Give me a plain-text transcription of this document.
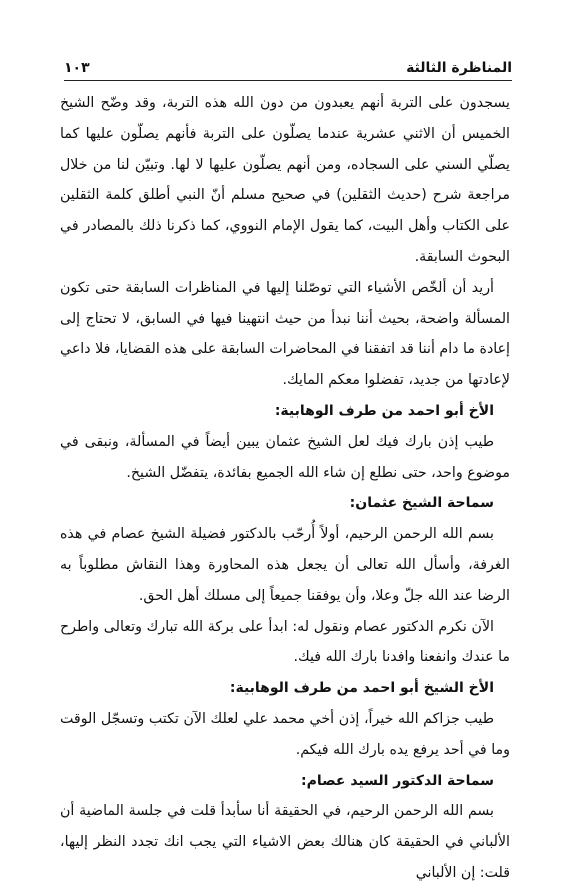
المناظرة الثالثة
١٠٣

يسجدون على التربة أنهم يعبدون من دون الله هذه التربة، وقد وضّح الشيخ الخميس أن الاثني عشرية عندما يصلّون على التربة فأنهم يصلّون عليها كما يصلّي السني على السجاده، ومن أنهم يصلّون عليها لا لها. وتبيّن لنا من خلال مراجعة شرح (حديث الثقلين) في صحيح مسلم أنّ النبي أطلق كلمة الثقلين على الكتاب وأهل البيت، كما يقول الإمام النووي، كما ذكرنا ذلك بالمصادر في البحوث السابقة.

أريد أن ألخّص الأشياء التي توصّلنا إليها في المناظرات السابقة حتى تكون المسألة واضحة، بحيث أننا نبدأ من حيث انتهينا فيها في السابق، لا تحتاج إلى إعادة ما دام أننا قد اتفقنا في المحاضرات السابقة على هذه القضايا، فلا داعي لإعادتها من جديد، تفضلوا معكم المايك.

الأخ أبو احمد من طرف الوهابية:

طيب إذن بارك فيك لعل الشيخ عثمان يبين أيضاً في المسألة، ونبقى في موضوع واحد، حتى نطلع إن شاء الله الجميع بفائدة، يتفضّل الشيخ.

سماحة الشيخ عثمان:

بسم الله الرحمن الرحيم، أولاً أُرحّب بالدكتور فضيلة الشيخ عصام في هذه الغرفة، وأسأل الله تعالى أن يجعل هذه المحاورة وهذا النقاش مطلوباً به الرضا عند الله جلّ وعلا، وأن يوفقنا جميعاً إلى مسلك أهل الحق.

الآن نكرم الدكتور عصام ونقول له: ابدأ على بركة الله تبارك وتعالى واطرح ما عندك وانفعنا وافدنا بارك الله فيك.

الأخ الشيخ أبو احمد من طرف الوهابية:

طيب جزاكم الله خيراً، إذن أخي محمد علي لعلك الآن تكتب وتسجّل الوقت وما في أحد يرفع يده بارك الله فيكم.

سماحة الدكتور السيد عصام:

بسم الله الرحمن الرحيم، في الحقيقة أنا سأبدأ قلت في جلسة الماضية أن الألباني في الحقيقة كان هنالك بعض الاشياء التي يجب انك تجدد النظر إليها، قلت: إن الألباني
